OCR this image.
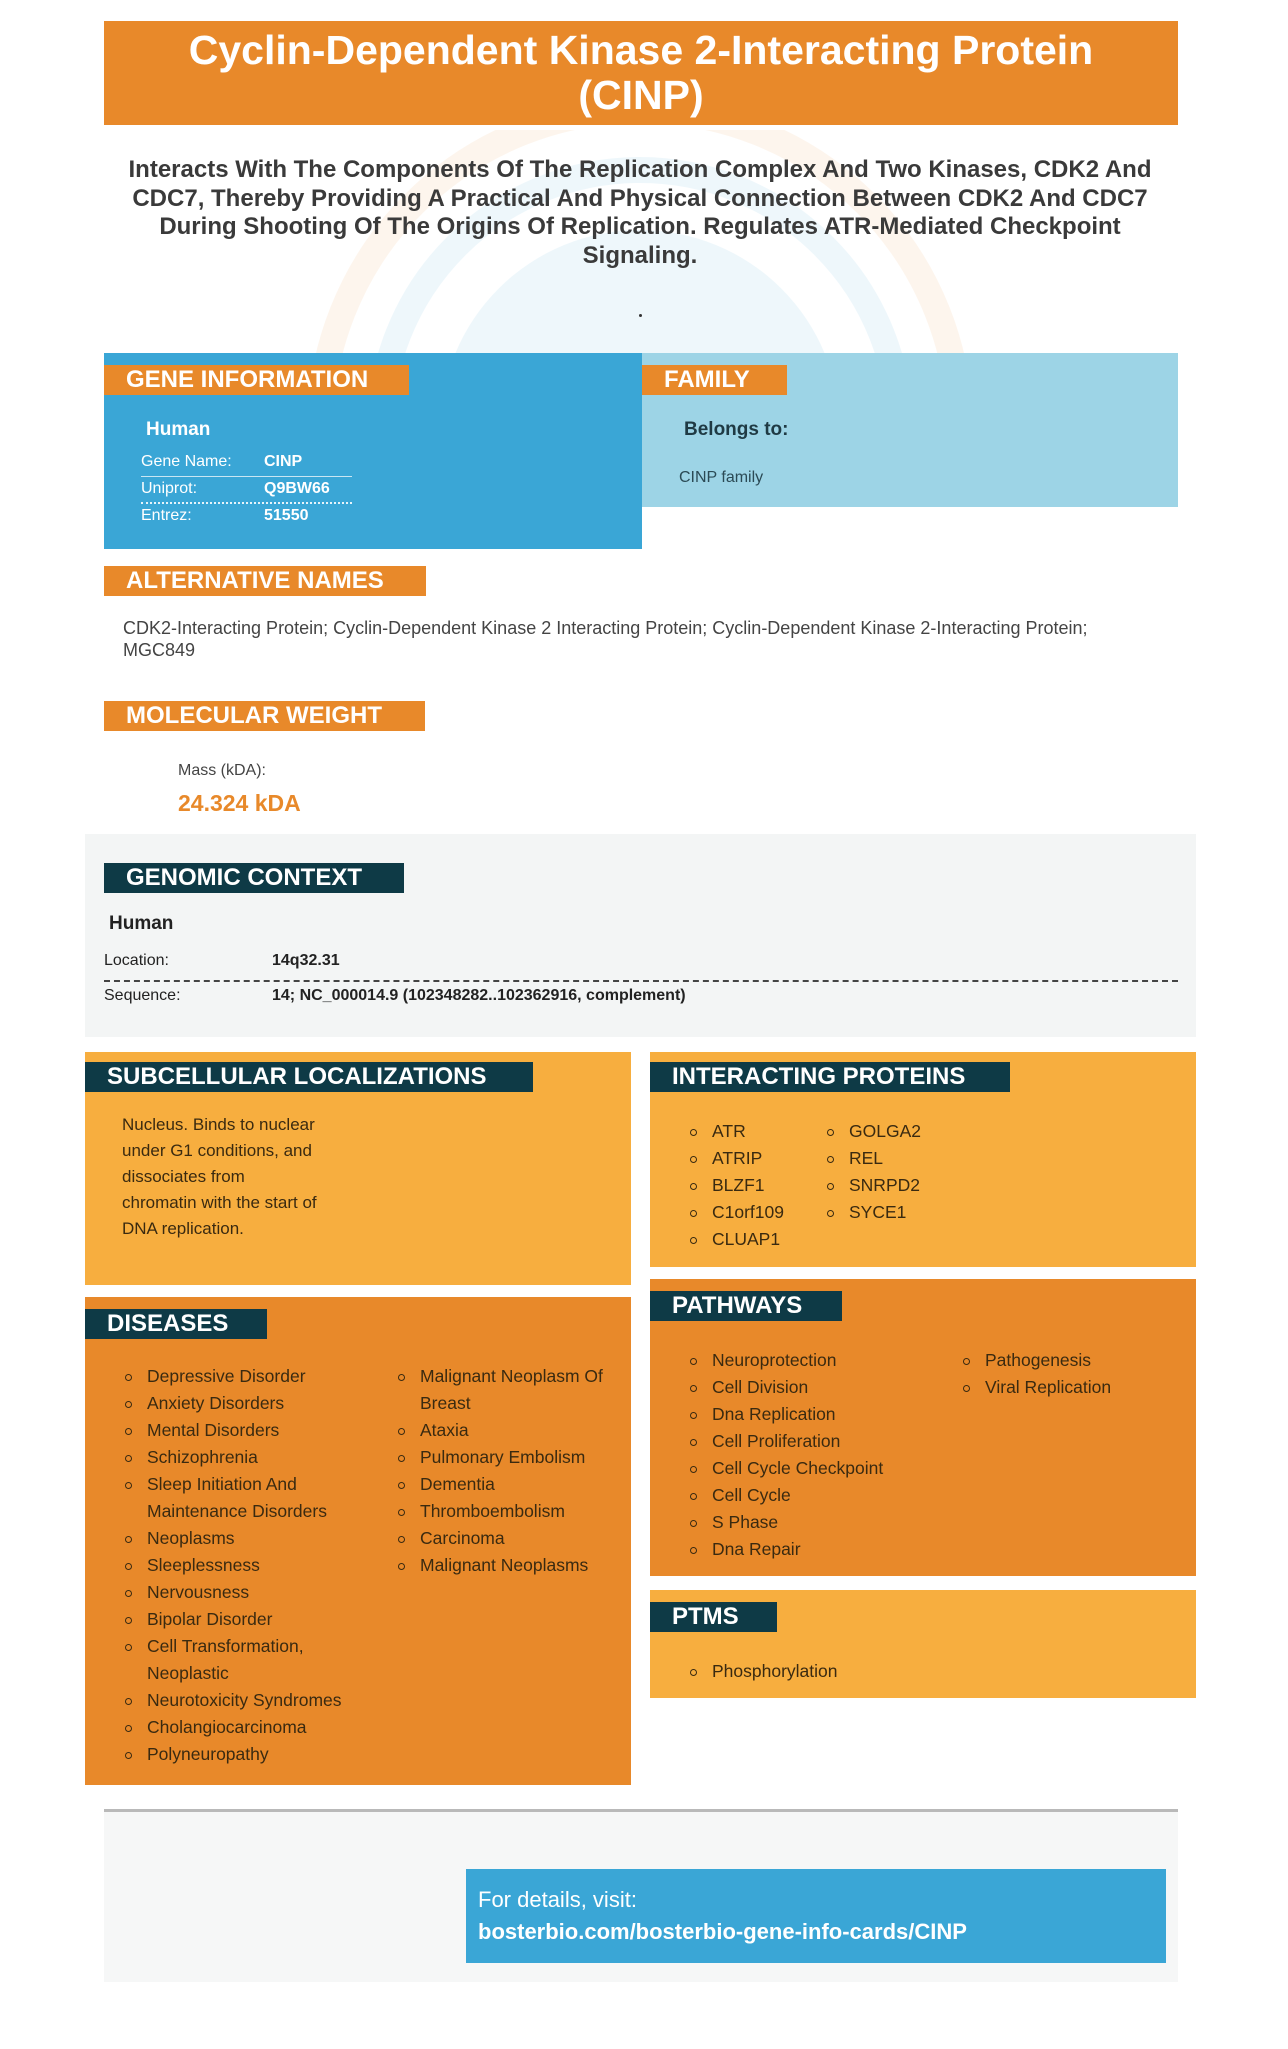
Cyclin-Dependent Kinase 2-Interacting Protein (CINP)
Interacts With The Components Of The Replication Complex And Two Kinases, CDK2 And CDC7, Thereby Providing A Practical And Physical Connection Between CDK2 And CDC7 During Shooting Of The Origins Of Replication. Regulates ATR-Mediated Checkpoint Signaling.
GENE INFORMATION
Human
Gene Name: CINP
Uniprot:	Q9BW66
Entrez:	51550
FAMILY
Belongs to:
CINP family
ALTERNATIVE NAMES
CDK2-Interacting Protein; Cyclin-Dependent Kinase 2 Interacting Protein; Cyclin-Dependent Kinase 2-Interacting Protein; MGC849
MOLECULAR WEIGHT
Mass (kDA):
24.324 kDA
GENOMIC CONTEXT
Human
Location:	14q32.31
Sequence:	14; NC_000014.9 (102348282..102362916, complement)
SUBCELLULAR LOCALIZATIONS
Nucleus. Binds to nuclear
under G1 conditions, and
dissociates from
chromatin with the start of
DNA replication.
INTERACTING PROTEINS
ATR
ATRIP
BLZF1
C1orf109
CLUAP1
GOLGA2
REL
SNRPD2
SYCE1
DISEASES
Depressive Disorder
Anxiety Disorders
Mental Disorders
Schizophrenia
Sleep Initiation And Maintenance Disorders
Neoplasms
Sleeplessness
Nervousness
Bipolar Disorder
Cell Transformation, Neoplastic
Neurotoxicity Syndromes
Cholangiocarcinoma
Polyneuropathy
Malignant Neoplasm Of Breast
Ataxia
Pulmonary Embolism
Dementia
Thromboembolism
Carcinoma
Malignant Neoplasms
PATHWAYS
Neuroprotection
Cell Division
Dna Replication
Cell Proliferation
Cell Cycle Checkpoint
Cell Cycle
S Phase
Dna Repair
Pathogenesis
Viral Replication
PTMS
Phosphorylation
For details, visit:
bosterbio.com/bosterbio-gene-info-cards/CINP
